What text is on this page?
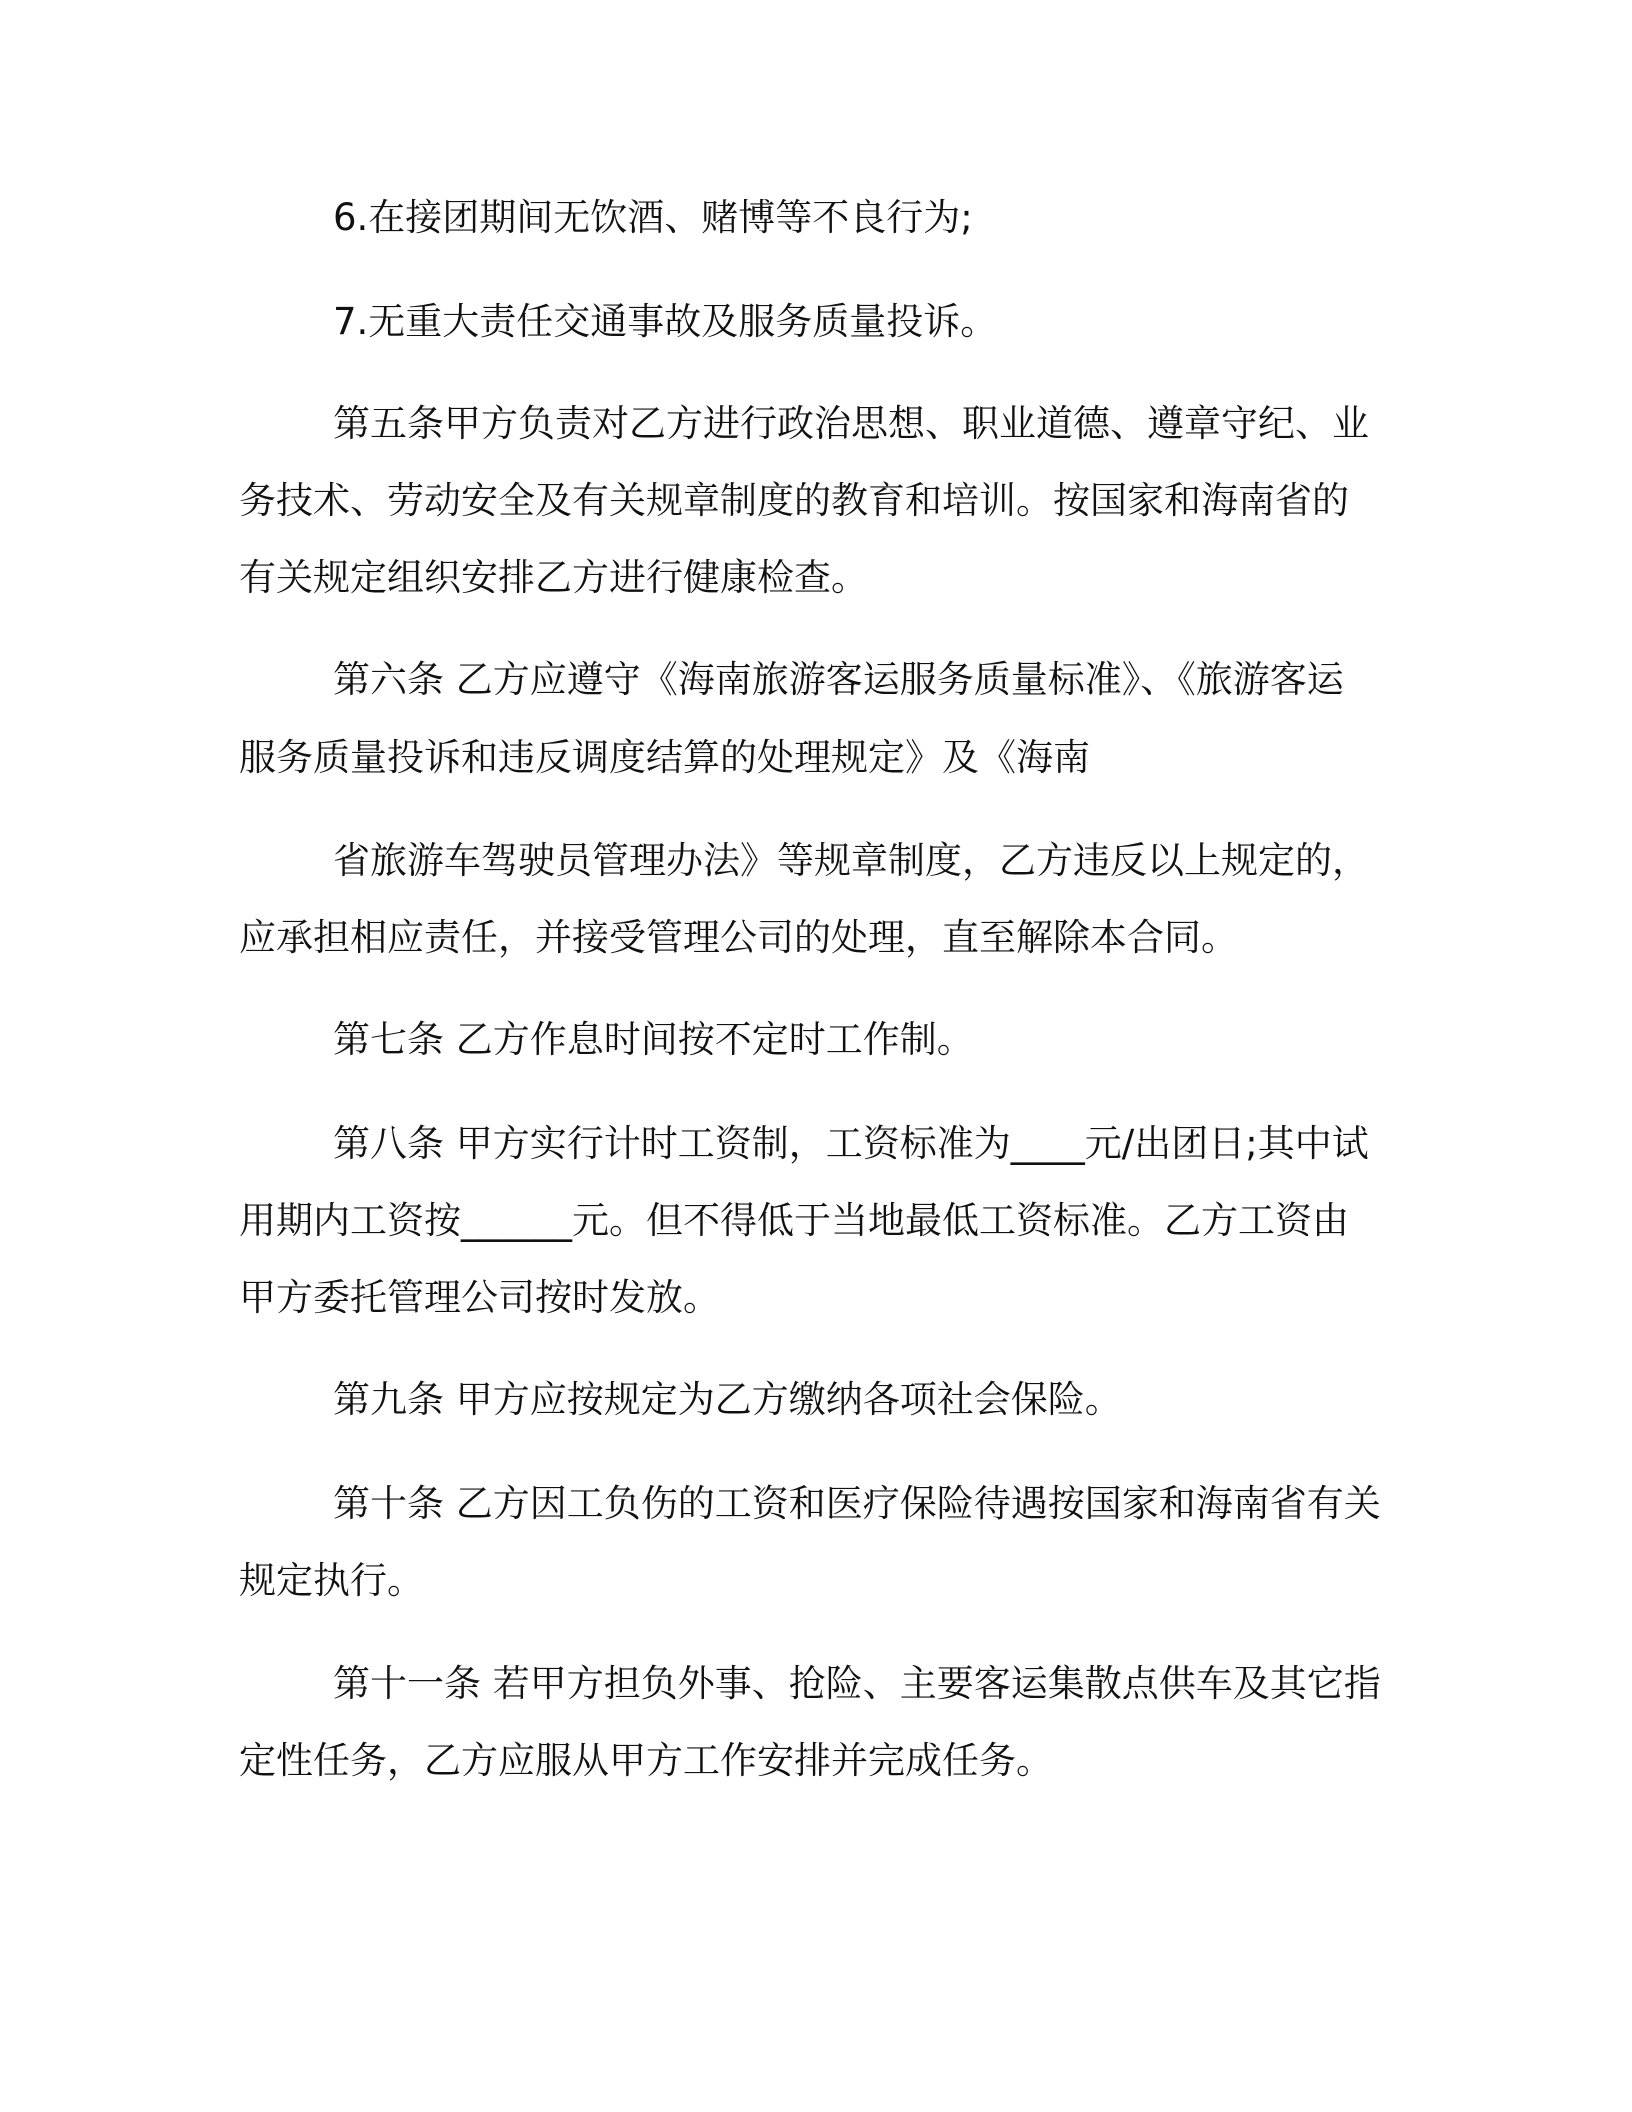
6.在接团期间无饮酒、赌博等不良行为;
7.无重大责任交通事故及服务质量投诉。
第五条甲方负责对乙方进行政治思想、职业道德、遵章守纪、业
务技术、劳动安全及有关规章制度的教育和培训。按国家和海南省的
有关规定组织安排乙方进行健康检查。
第六条 乙方应遵守《海南旅游客运服务质量标准》、《旅游客运
服务质量投诉和违反调度结算的处理规定》及《海南
省旅游车驾驶员管理办法》等规章制度，乙方违反以上规定的，
应承担相应责任，并接受管理公司的处理，直至解除本合同。
第七条 乙方作息时间按不定时工作制。
第八条 甲方实行计时工资制，工资标准为____元/出团日;其中试
用期内工资按______元。但不得低于当地最低工资标准。乙方工资由
甲方委托管理公司按时发放。
第九条 甲方应按规定为乙方缴纳各项社会保险。
第十条 乙方因工负伤的工资和医疗保险待遇按国家和海南省有关
规定执行。
第十一条 若甲方担负外事、抢险、主要客运集散点供车及其它指
定性任务，乙方应服从甲方工作安排并完成任务。
